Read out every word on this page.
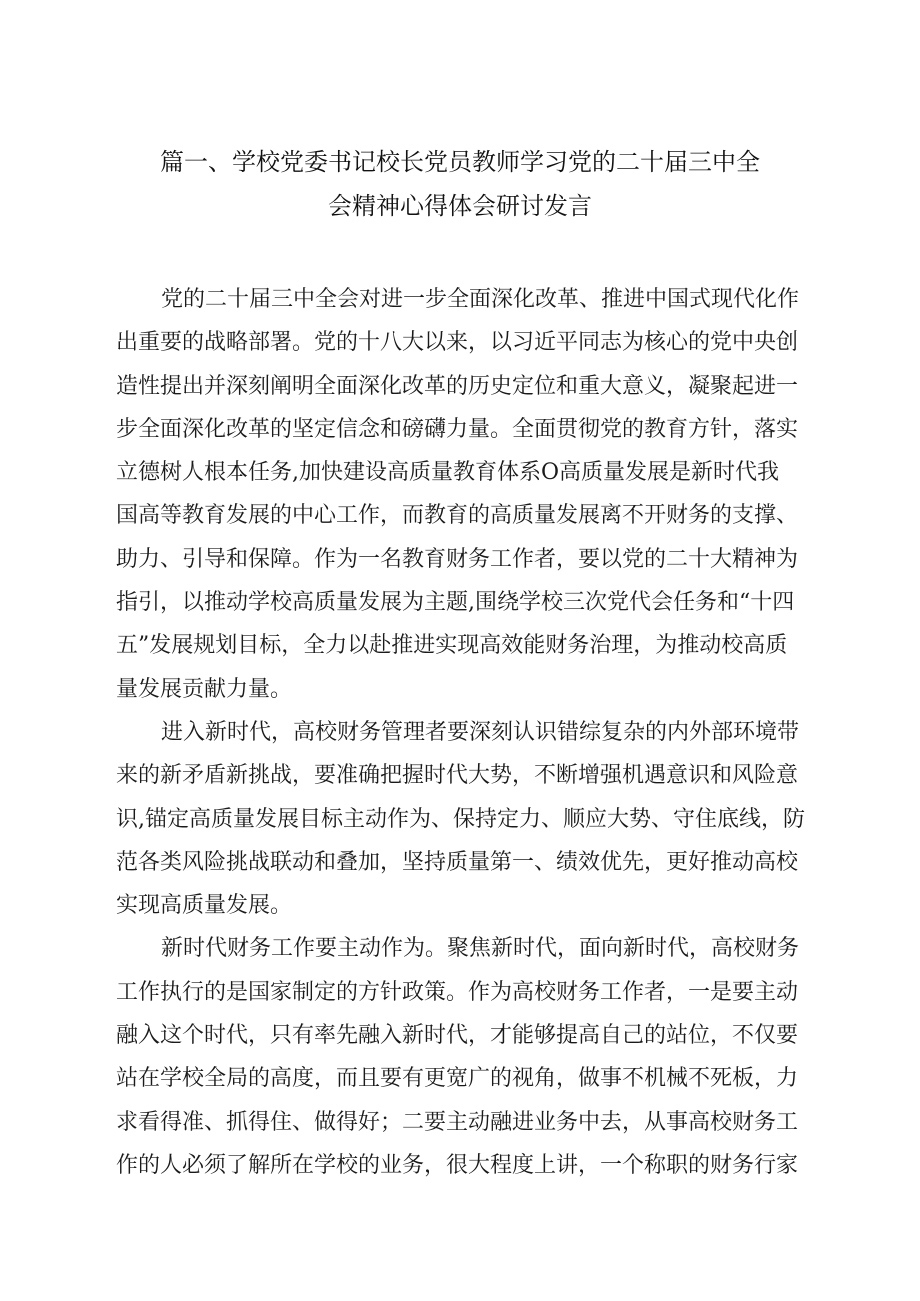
篇一、学校党委书记校长党员教师学习党的二十届三中全
会精神心得体会研讨发言
党的二十届三中全会对进一步全面深化改革、推进中国式现代化作
出重要的战略部署。党的十八大以来，以习近平同志为核心的党中央创
造性提出并深刻阐明全面深化改革的历史定位和重大意义，凝聚起进一
步全面深化改革的坚定信念和磅礴力量。全面贯彻党的教育方针，落实
立德树人根本任务,加快建设高质量教育体系O高质量发展是新时代我
国高等教育发展的中心工作，而教育的高质量发展离不开财务的支撑、
助力、引导和保障。作为一名教育财务工作者，要以党的二十大精神为
指引，以推动学校高质量发展为主题,围绕学校三次党代会任务和“十四
五”发展规划目标，全力以赴推进实现高效能财务治理，为推动校高质
量发展贡献力量。
进入新时代，高校财务管理者要深刻认识错综复杂的内外部环境带
来的新矛盾新挑战，要准确把握时代大势，不断增强机遇意识和风险意
识,锚定高质量发展目标主动作为、保持定力、顺应大势、守住底线，防
范各类风险挑战联动和叠加，坚持质量第一、绩效优先，更好推动高校
实现高质量发展。
新时代财务工作要主动作为。聚焦新时代，面向新时代，高校财务
工作执行的是国家制定的方针政策。作为高校财务工作者，一是要主动
融入这个时代，只有率先融入新时代，才能够提高自己的站位，不仅要
站在学校全局的高度，而且要有更宽广的视角，做事不机械不死板，力
求看得准、抓得住、做得好；二要主动融进业务中去，从事高校财务工
作的人必须了解所在学校的业务，很大程度上讲，一个称职的财务行家
